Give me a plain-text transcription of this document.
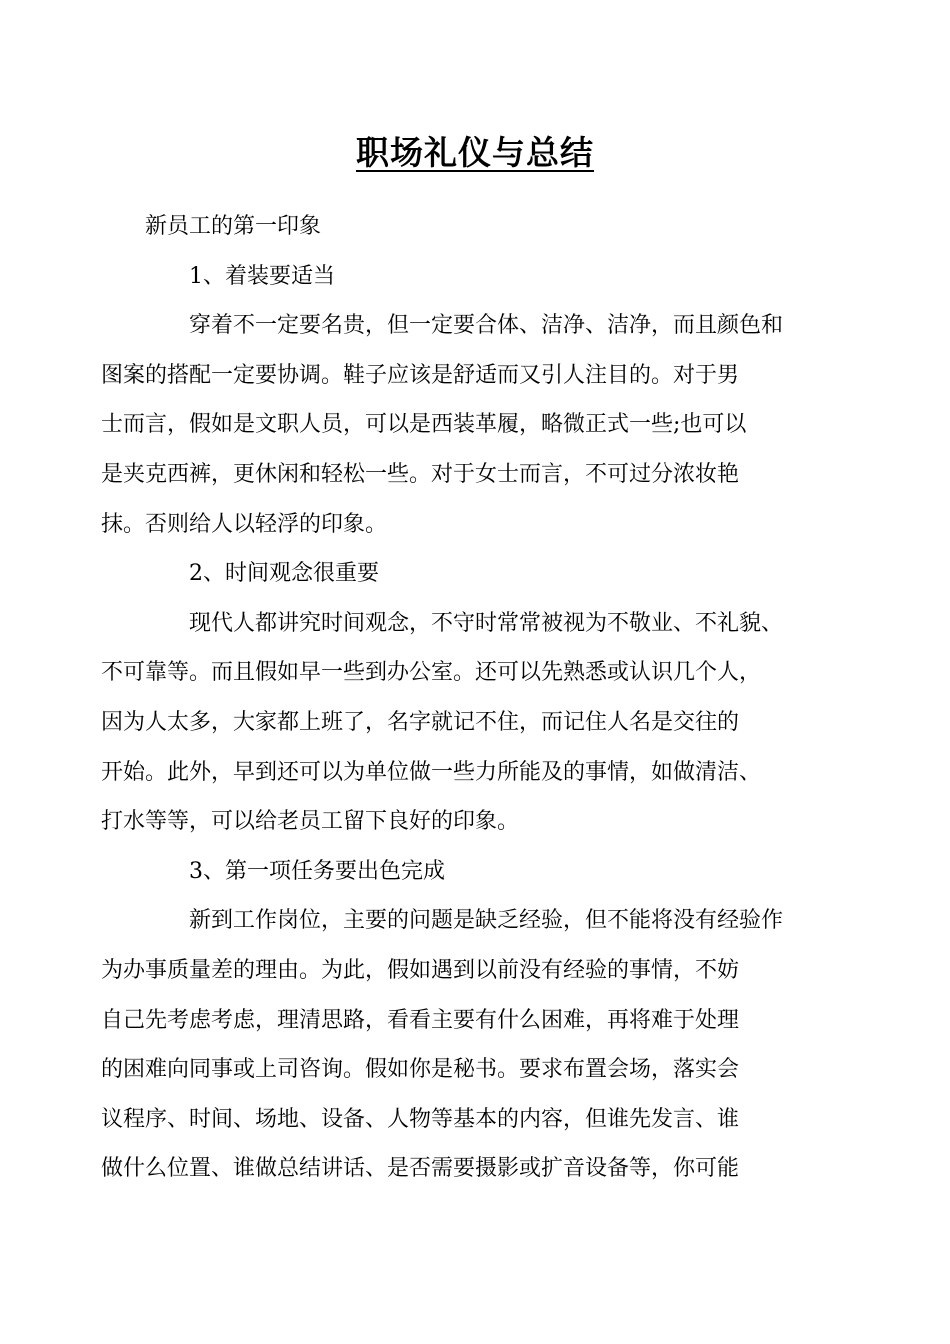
职场礼仪与总结

新员工的第一印象

1、着装要适当

穿着不一定要名贵，但一定要合体、洁净、洁净，而且颜色和
图案的搭配一定要协调。鞋子应该是舒适而又引人注目的。对于男
士而言，假如是文职人员，可以是西装革履，略微正式一些;也可以
是夹克西裤，更休闲和轻松一些。对于女士而言，不可过分浓妆艳
抹。否则给人以轻浮的印象。

2、时间观念很重要

现代人都讲究时间观念，不守时常常被视为不敬业、不礼貌、
不可靠等。而且假如早一些到办公室。还可以先熟悉或认识几个人，
因为人太多，大家都上班了，名字就记不住，而记住人名是交往的
开始。此外，早到还可以为单位做一些力所能及的事情，如做清洁、
打水等等，可以给老员工留下良好的印象。

3、第一项任务要出色完成

新到工作岗位，主要的问题是缺乏经验，但不能将没有经验作
为办事质量差的理由。为此，假如遇到以前没有经验的事情，不妨
自己先考虑考虑，理清思路，看看主要有什么困难，再将难于处理
的困难向同事或上司咨询。假如你是秘书。要求布置会场，落实会
议程序、时间、场地、设备、人物等基本的内容，但谁先发言、谁
做什么位置、谁做总结讲话、是否需要摄影或扩音设备等，你可能
